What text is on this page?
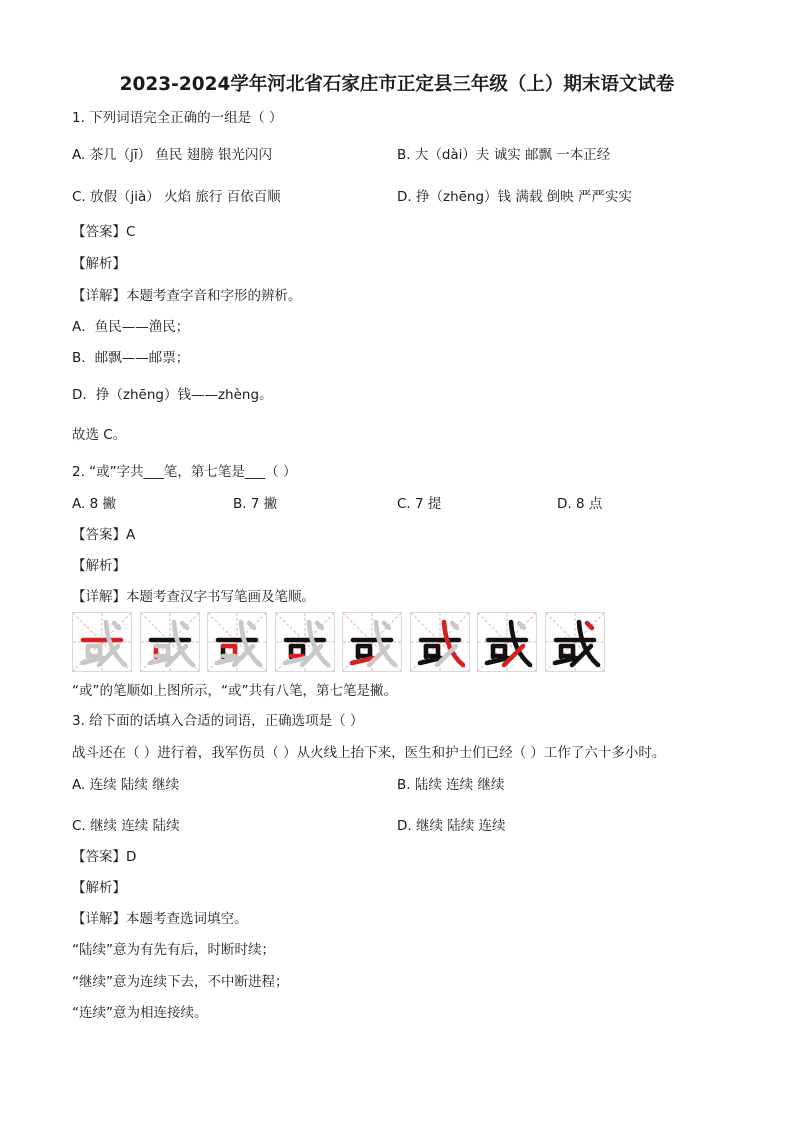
2023-2024学年河北省石家庄市正定县三年级（上）期末语文试卷
1. 下列词语完全正确的一组是（ ）
A. 茶几（jī） 鱼民 翅膀 银光闪闪	B. 大（dài）夫 诚实 邮飘 一本正经
C. 放假（jià） 火焰 旅行 百依百顺	D. 挣（zhēng）钱 满载 倒映 严严实实
【答案】C
【解析】
【详解】本题考查字音和字形的辨析。
A．鱼民——渔民；
B．邮飘——邮票；
D．挣（zhēng）钱——zhèng。
故选 C。
2. “或”字共___笔，第七笔是___（ ）
A. 8 撇	B. 7 撇	C. 7 提	D. 8 点
【答案】A
【解析】
【详解】本题考查汉字书写笔画及笔顺。
“或”的笔顺如上图所示，“或”共有八笔，第七笔是撇。
3. 给下面的话填入合适的词语，正确选项是（ ）
战斗还在（ ）进行着，我军伤员（ ）从火线上抬下来，医生和护士们已经（ ）工作了六十多小时。
A. 连续 陆续 继续	B. 陆续 连续 继续
C. 继续 连续 陆续	D. 继续 陆续 连续
【答案】D
【解析】
【详解】本题考查选词填空。
“陆续”意为有先有后，时断时续；
“继续”意为连续下去，不中断进程；
“连续”意为相连接续。
